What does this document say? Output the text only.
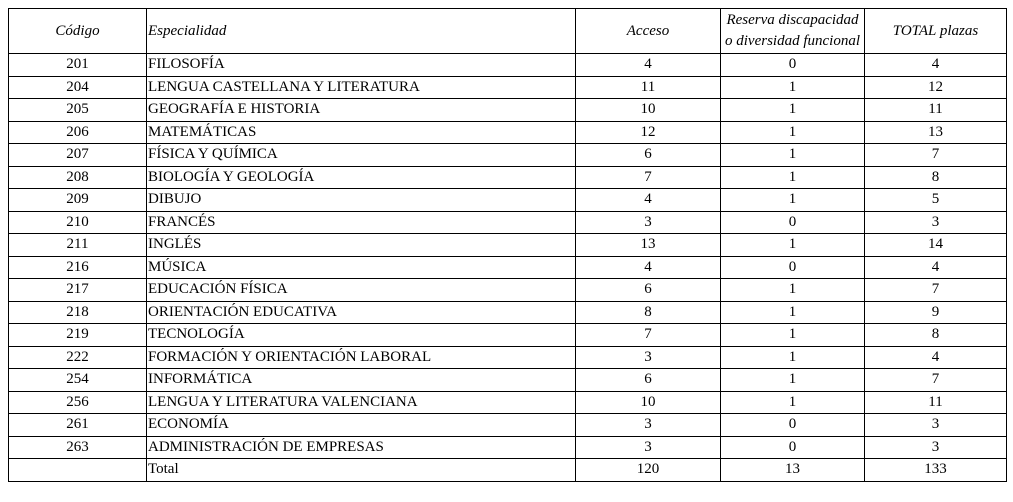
Código	Especialidad	Acceso	Reserva discapacidad o diversidad funcional	TOTAL plazas
201	FILOSOFÍA	4	0	4
204	LENGUA CASTELLANA Y LITERATURA	11	1	12
205	GEOGRAFÍA E HISTORIA	10	1	11
206	MATEMÁTICAS	12	1	13
207	FÍSICA Y QUÍMICA	6	1	7
208	BIOLOGÍA Y GEOLOGÍA	7	1	8
209	DIBUJO	4	1	5
210	FRANCÉS	3	0	3
211	INGLÉS	13	1	14
216	MÚSICA	4	0	4
217	EDUCACIÓN FÍSICA	6	1	7
218	ORIENTACIÓN EDUCATIVA	8	1	9
219	TECNOLOGÍA	7	1	8
222	FORMACIÓN Y ORIENTACIÓN LABORAL	3	1	4
254	INFORMÁTICA	6	1	7
256	LENGUA Y LITERATURA VALENCIANA	10	1	11
261	ECONOMÍA	3	0	3
263	ADMINISTRACIÓN DE EMPRESAS	3	0	3
	Total	120	13	133
